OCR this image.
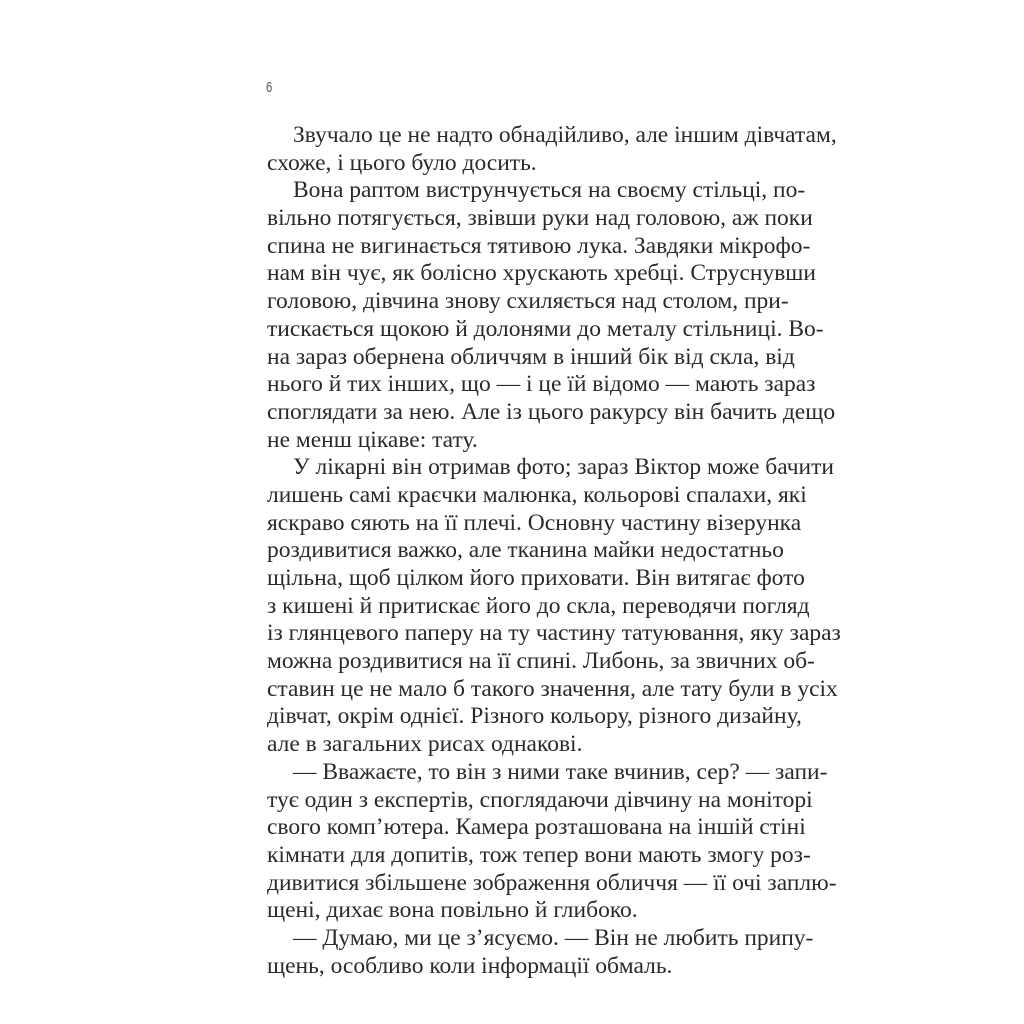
6
Звучало це не надто обнадійливо, але іншим дівчатам,
схоже, і цього було досить.
Вона раптом виструнчується на своєму стільці, по-
вільно потягується, звівши руки над головою, аж поки
спина не вигинається тятивою лука. Завдяки мікрофо-
нам він чує, як болісно хрускають хребці. Струснувши
головою, дівчина знову схиляється над столом, при-
тискається щокою й долонями до металу стільниці. Во-
на зараз обернена обличчям в інший бік від скла, від
нього й тих інших, що — і це їй відомо — мають зараз
споглядати за нею. Але із цього ракурсу він бачить дещо
не менш цікаве: тату.
У лікарні він отримав фото; зараз Віктор може бачити
лишень самі краєчки малюнка, кольорові спалахи, які
яскраво сяють на її плечі. Основну частину візерунка
роздивитися важко, але тканина майки недостатньо
щільна, щоб цілком його приховати. Він витягає фото
з кишені й притискає його до скла, переводячи погляд
із глянцевого паперу на ту частину татуювання, яку зараз
можна роздивитися на її спині. Либонь, за звичних об-
ставин це не мало б такого значення, але тату були в усіх
дівчат, окрім однієї. Різного кольору, різного дизайну,
але в загальних рисах однакові.
— Вважаєте, то він з ними таке вчинив, сер? — запи-
тує один з експертів, споглядаючи дівчину на моніторі
свого комп’ютера. Камера розташована на іншій стіні
кімнати для допитів, тож тепер вони мають змогу роз-
дивитися збільшене зображення обличчя — її очі заплю-
щені, дихає вона повільно й глибоко.
— Думаю, ми це з’ясуємо. — Він не любить припу-
щень, особливо коли інформації обмаль.
